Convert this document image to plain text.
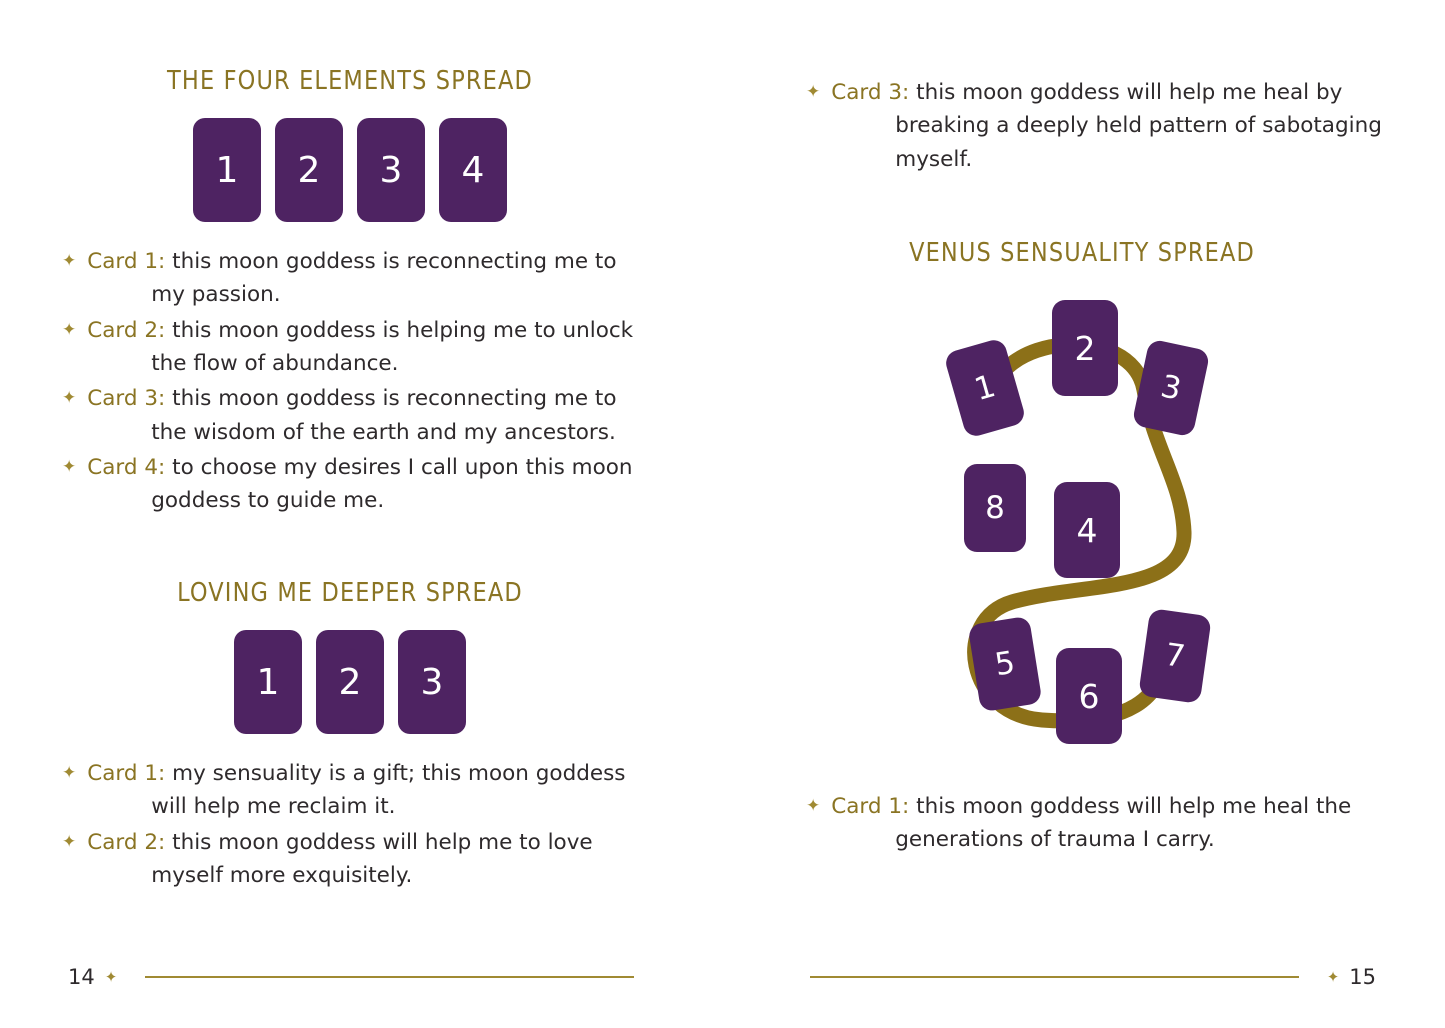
THE FOUR ELEMENTS SPREAD
1	2	3	4
✦ Card 1: this moon goddess is reconnecting me to my passion.
✦ Card 2: this moon goddess is helping me to unlock the flow of abundance.
✦ Card 3: this moon goddess is reconnecting me to the wisdom of the earth and my ancestors.
✦ Card 4: to choose my desires I call upon this moon goddess to guide me.
LOVING ME DEEPER SPREAD
1	2	3
✦ Card 1: my sensuality is a gift; this moon goddess will help me reclaim it.
✦ Card 2: this moon goddess will help me to love myself more exquisitely.
14 ✦
✦ Card 3: this moon goddess will help me heal by breaking a deeply held pattern of sabotaging myself.
VENUS SENSUALITY SPREAD
1
2
3
8
4
5
6
7
✦ Card 1: this moon goddess will help me heal the generations of trauma I carry.
✦ 15
